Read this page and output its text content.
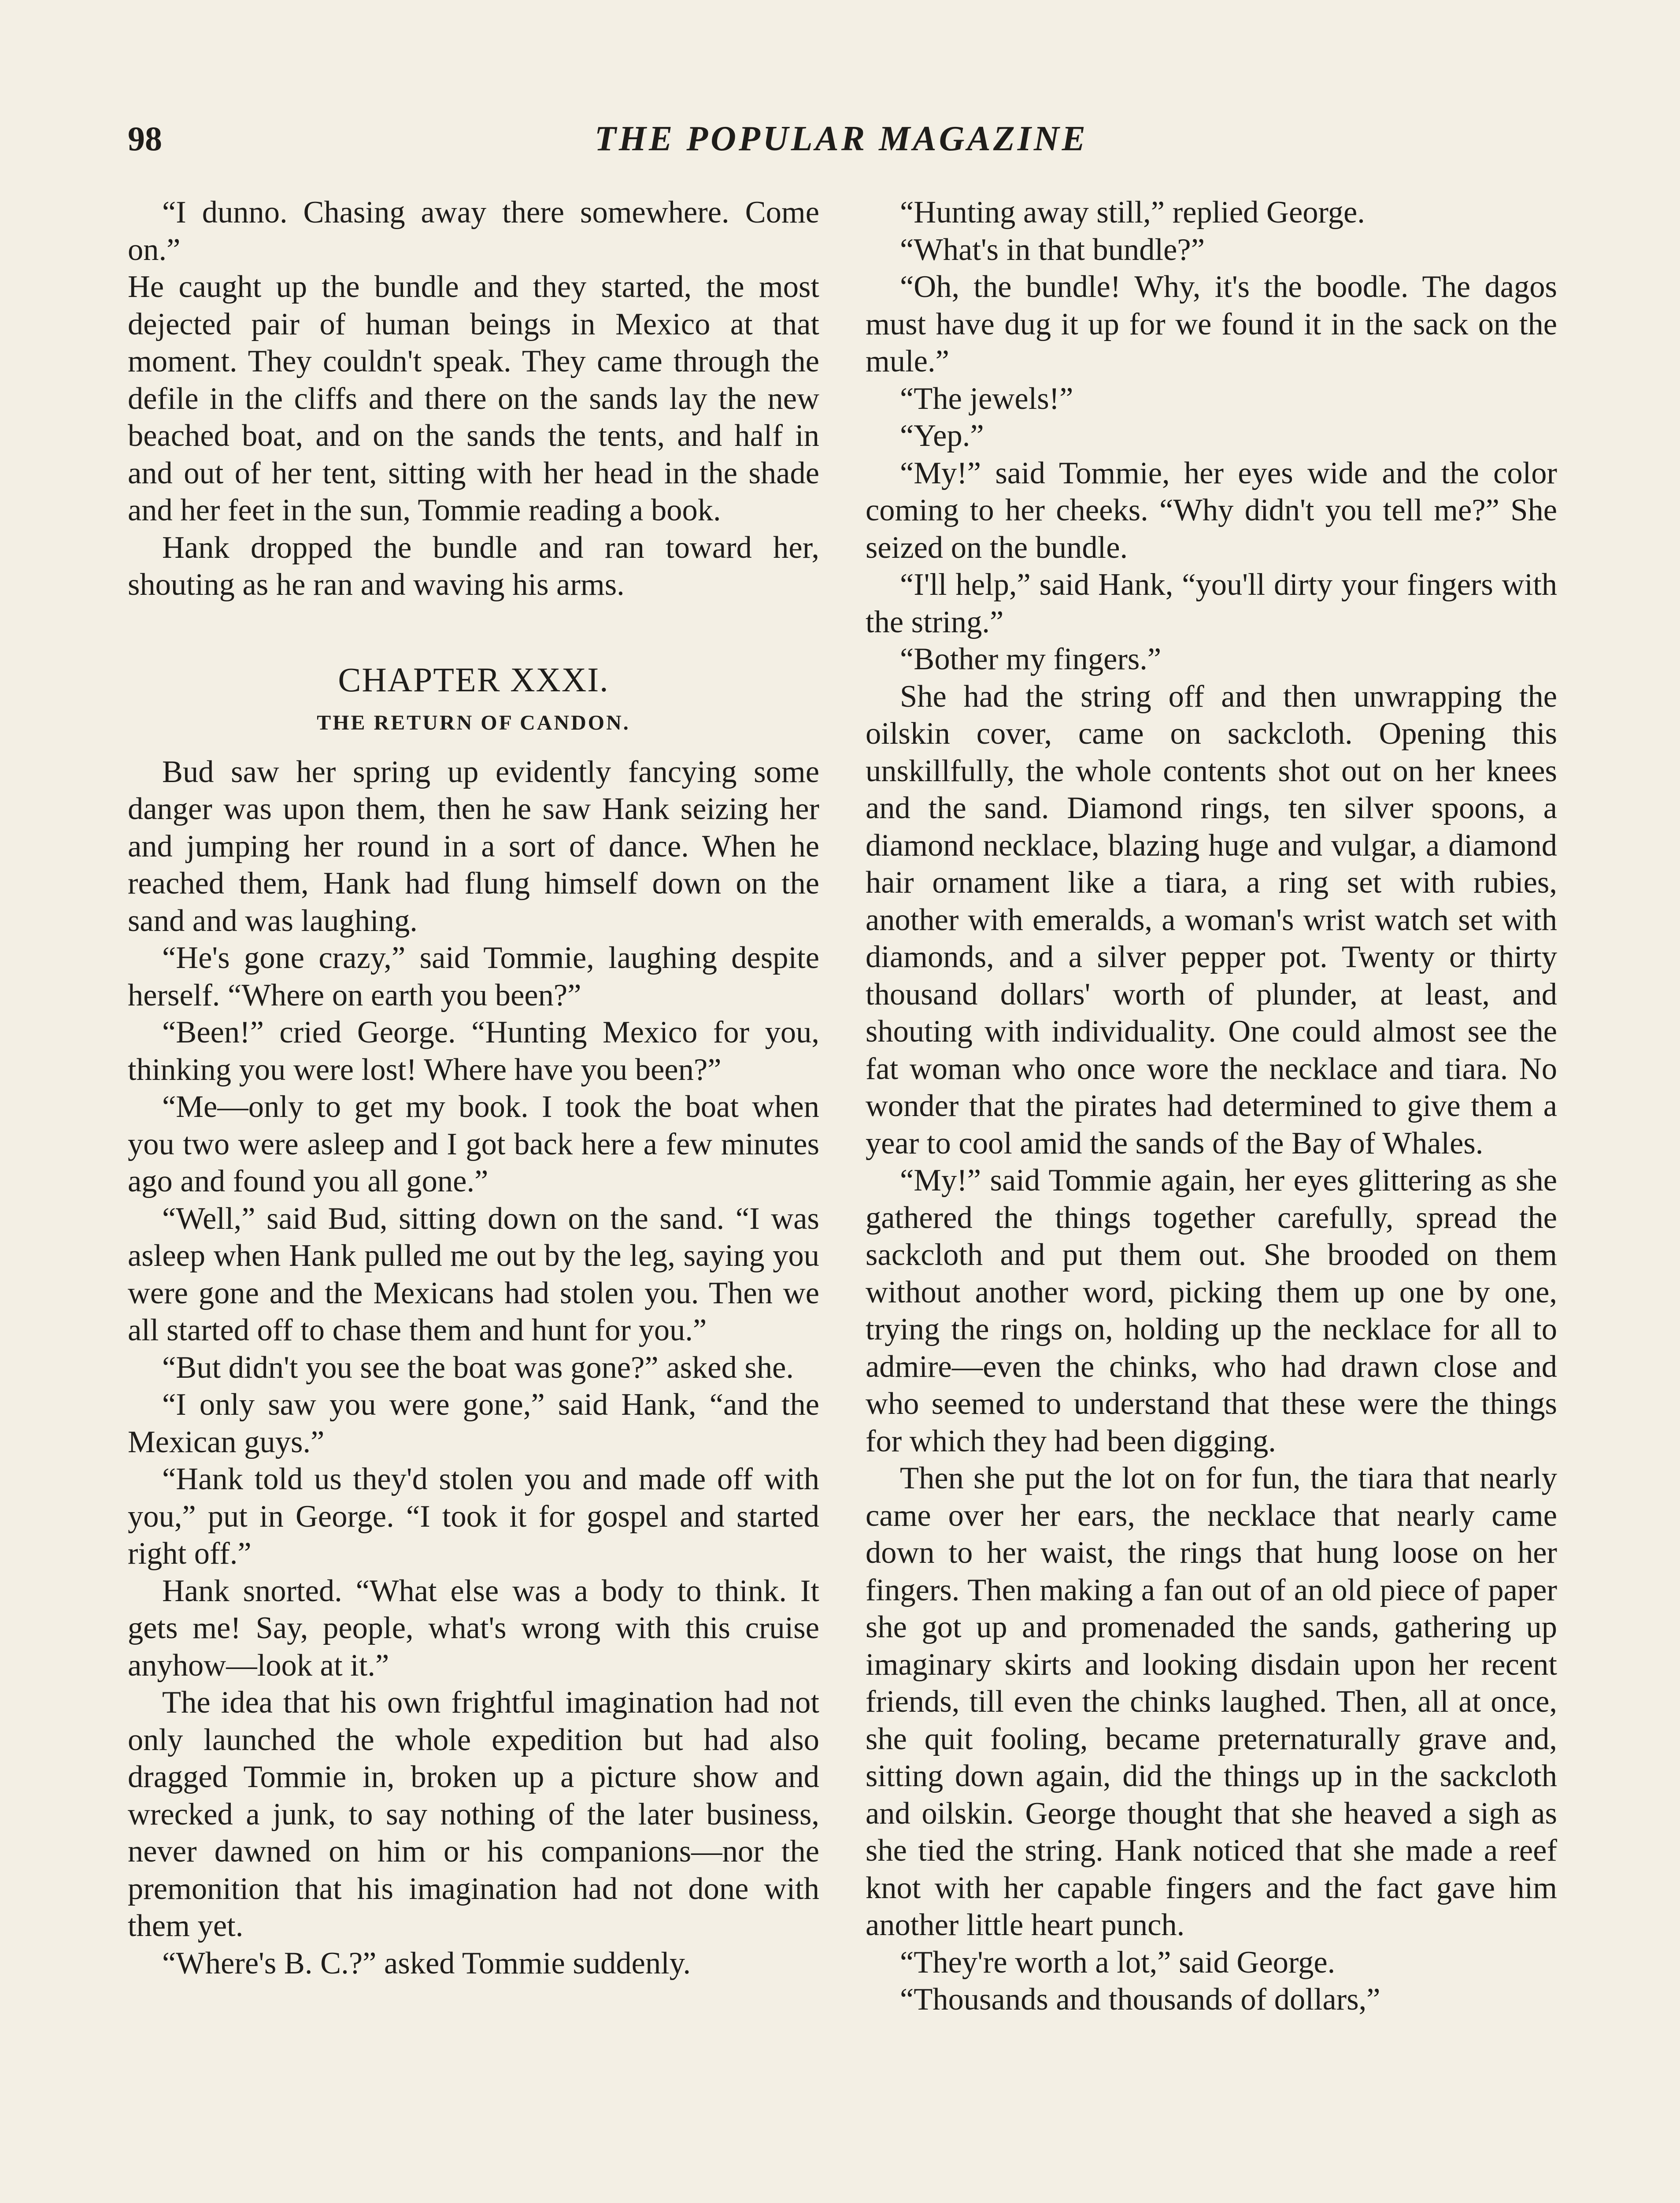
98	THE POPULAR MAGAZINE

“I dunno. Chasing away there somewhere. Come on.”

He caught up the bundle and they started, the most dejected pair of human beings in Mexico at that moment. They couldn't speak. They came through the defile in the cliffs and there on the sands lay the new beached boat, and on the sands the tents, and half in and out of her tent, sitting with her head in the shade and her feet in the sun, Tommie reading a book.

Hank dropped the bundle and ran toward her, shouting as he ran and waving his arms.

CHAPTER XXXI.
THE RETURN OF CANDON.

Bud saw her spring up evidently fancying some danger was upon them, then he saw Hank seizing her and jumping her round in a sort of dance. When he reached them, Hank had flung himself down on the sand and was laughing.

“He's gone crazy,” said Tommie, laughing despite herself. “Where on earth you been?”

“Been!” cried George. “Hunting Mexico for you, thinking you were lost! Where have you been?”

“Me—only to get my book. I took the boat when you two were asleep and I got back here a few minutes ago and found you all gone.”

“Well,” said Bud, sitting down on the sand. “I was asleep when Hank pulled me out by the leg, saying you were gone and the Mexicans had stolen you. Then we all started off to chase them and hunt for you.”

“But didn't you see the boat was gone?” asked she.

“I only saw you were gone,” said Hank, “and the Mexican guys.”

“Hank told us they'd stolen you and made off with you,” put in George. “I took it for gospel and started right off.”

Hank snorted. “What else was a body to think. It gets me! Say, people, what's wrong with this cruise anyhow—look at it.”

The idea that his own frightful imagination had not only launched the whole expedition but had also dragged Tommie in, broken up a picture show and wrecked a junk, to say nothing of the later business, never dawned on him or his companions—nor the premonition that his imagination had not done with them yet.

“Where's B. C.?” asked Tommie suddenly.

“Hunting away still,” replied George.

“What's in that bundle?”

“Oh, the bundle! Why, it's the boodle. The dagos must have dug it up for we found it in the sack on the mule.”

“The jewels!”

“Yep.”

“My!” said Tommie, her eyes wide and the color coming to her cheeks. “Why didn't you tell me?” She seized on the bundle.

“I'll help,” said Hank, “you'll dirty your fingers with the string.”

“Bother my fingers.”

She had the string off and then unwrapping the oilskin cover, came on sackcloth. Opening this unskillfully, the whole contents shot out on her knees and the sand. Diamond rings, ten silver spoons, a diamond necklace, blazing huge and vulgar, a diamond hair ornament like a tiara, a ring set with rubies, another with emeralds, a woman's wrist watch set with diamonds, and a silver pepper pot. Twenty or thirty thousand dollars' worth of plunder, at least, and shouting with individuality. One could almost see the fat woman who once wore the necklace and tiara. No wonder that the pirates had determined to give them a year to cool amid the sands of the Bay of Whales.

“My!” said Tommie again, her eyes glittering as she gathered the things together carefully, spread the sackcloth and put them out. She brooded on them without another word, picking them up one by one, trying the rings on, holding up the necklace for all to admire—even the chinks, who had drawn close and who seemed to understand that these were the things for which they had been digging.

Then she put the lot on for fun, the tiara that nearly came over her ears, the necklace that nearly came down to her waist, the rings that hung loose on her fingers. Then making a fan out of an old piece of paper she got up and promenaded the sands, gathering up imaginary skirts and looking disdain upon her recent friends, till even the chinks laughed. Then, all at once, she quit fooling, became preternaturally grave and, sitting down again, did the things up in the sackcloth and oilskin. George thought that she heaved a sigh as she tied the string. Hank noticed that she made a reef knot with her capable fingers and the fact gave him another little heart punch.

“They're worth a lot,” said George.

“Thousands and thousands of dollars,”
